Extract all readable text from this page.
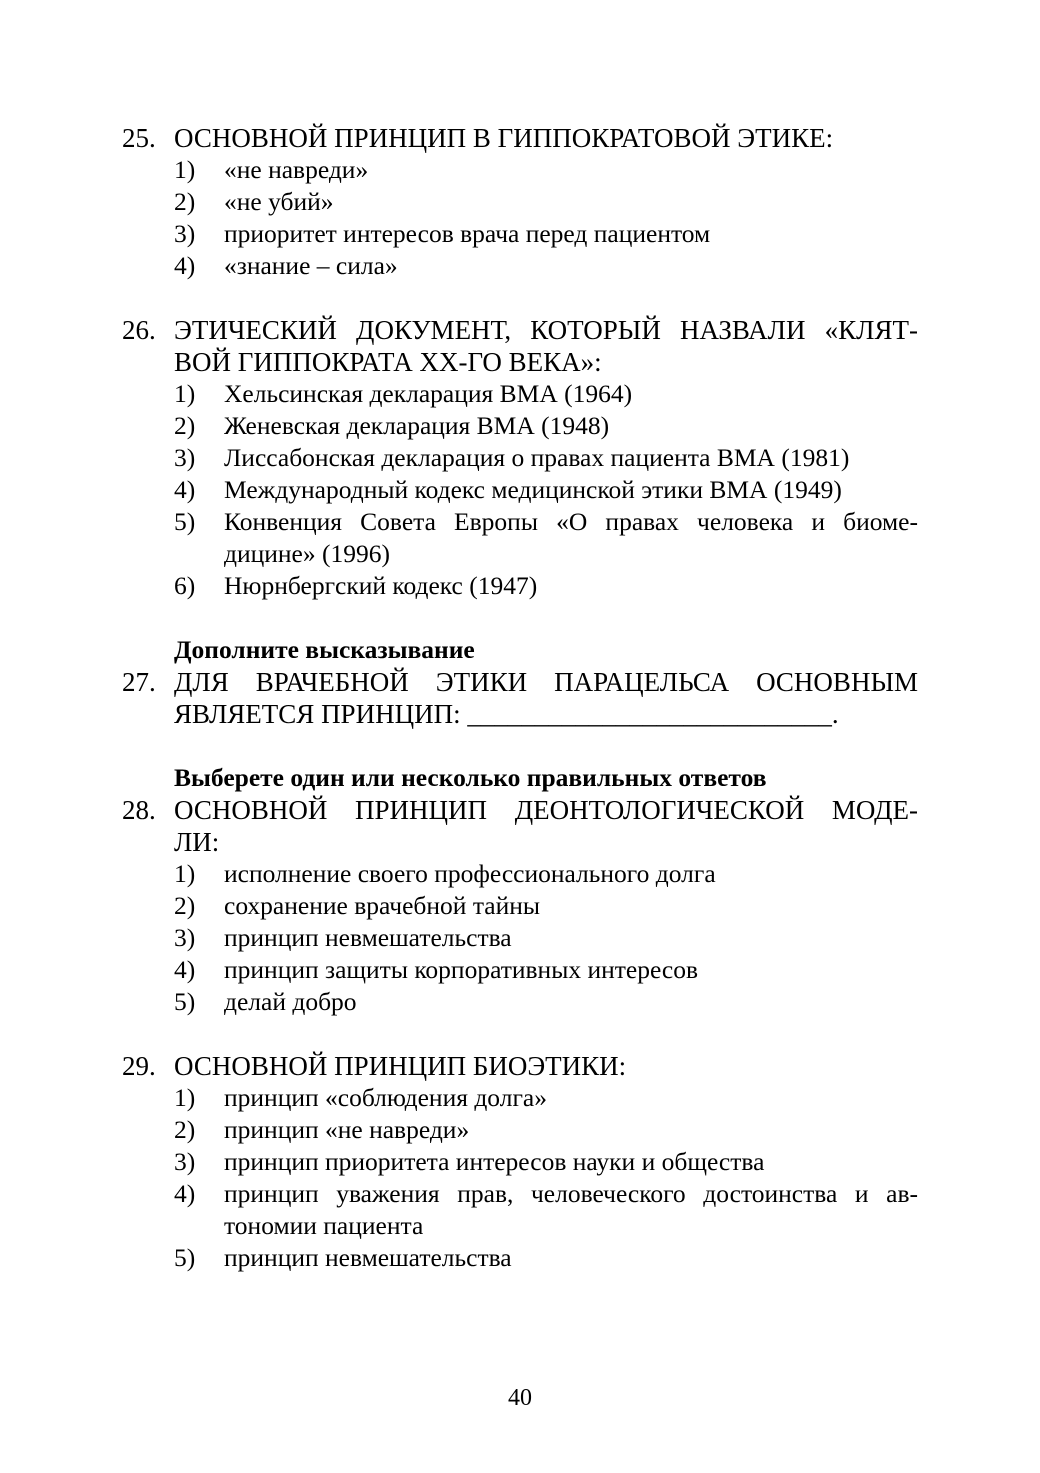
25. ОСНОВНОЙ ПРИНЦИП В ГИППОКРАТОВОЙ ЭТИКЕ:
1)	«не навреди»
2)	«не убий»
3)	приоритет интересов врача перед пациентом
4)	«знание – сила»
26. ЭТИЧЕСКИЙ ДОКУМЕНТ, КОТОРЫЙ НАЗВАЛИ «КЛЯТ-
ВОЙ ГИППОКРАТА ХХ-ГО ВЕКА»:
1)	Хельсинская декларация ВМА (1964)
2)	Женевская декларация ВМА (1948)
3)	Лиссабонская декларация о правах пациента ВМА (1981)
4)	Международный кодекс медицинской этики ВМА (1949)
5)	Конвенция Совета Европы «О правах человека и биоме-
дицине» (1996)
6)	Нюрнбергский кодекс (1947)
Дополните высказывание
27. ДЛЯ ВРАЧЕБНОЙ ЭТИКИ ПАРАЦЕЛЬСА ОСНОВНЫМ
ЯВЛЯЕТСЯ ПРИНЦИП: ___________________________.
Выберете один или несколько правильных ответов
28. ОСНОВНОЙ ПРИНЦИП ДЕОНТОЛОГИЧЕСКОЙ МОДЕ-
ЛИ:
1)	исполнение своего профессионального долга
2)	сохранение врачебной тайны
3)	принцип невмешательства
4)	принцип защиты корпоративных интересов
5)	делай добро
29. ОСНОВНОЙ ПРИНЦИП БИОЭТИКИ:
1)	принцип «соблюдения долга»
2)	принцип «не навреди»
3)	принцип приоритета интересов науки и общества
4)	принцип уважения прав, человеческого достоинства и ав-
тономии пациента
5)	принцип невмешательства
40
